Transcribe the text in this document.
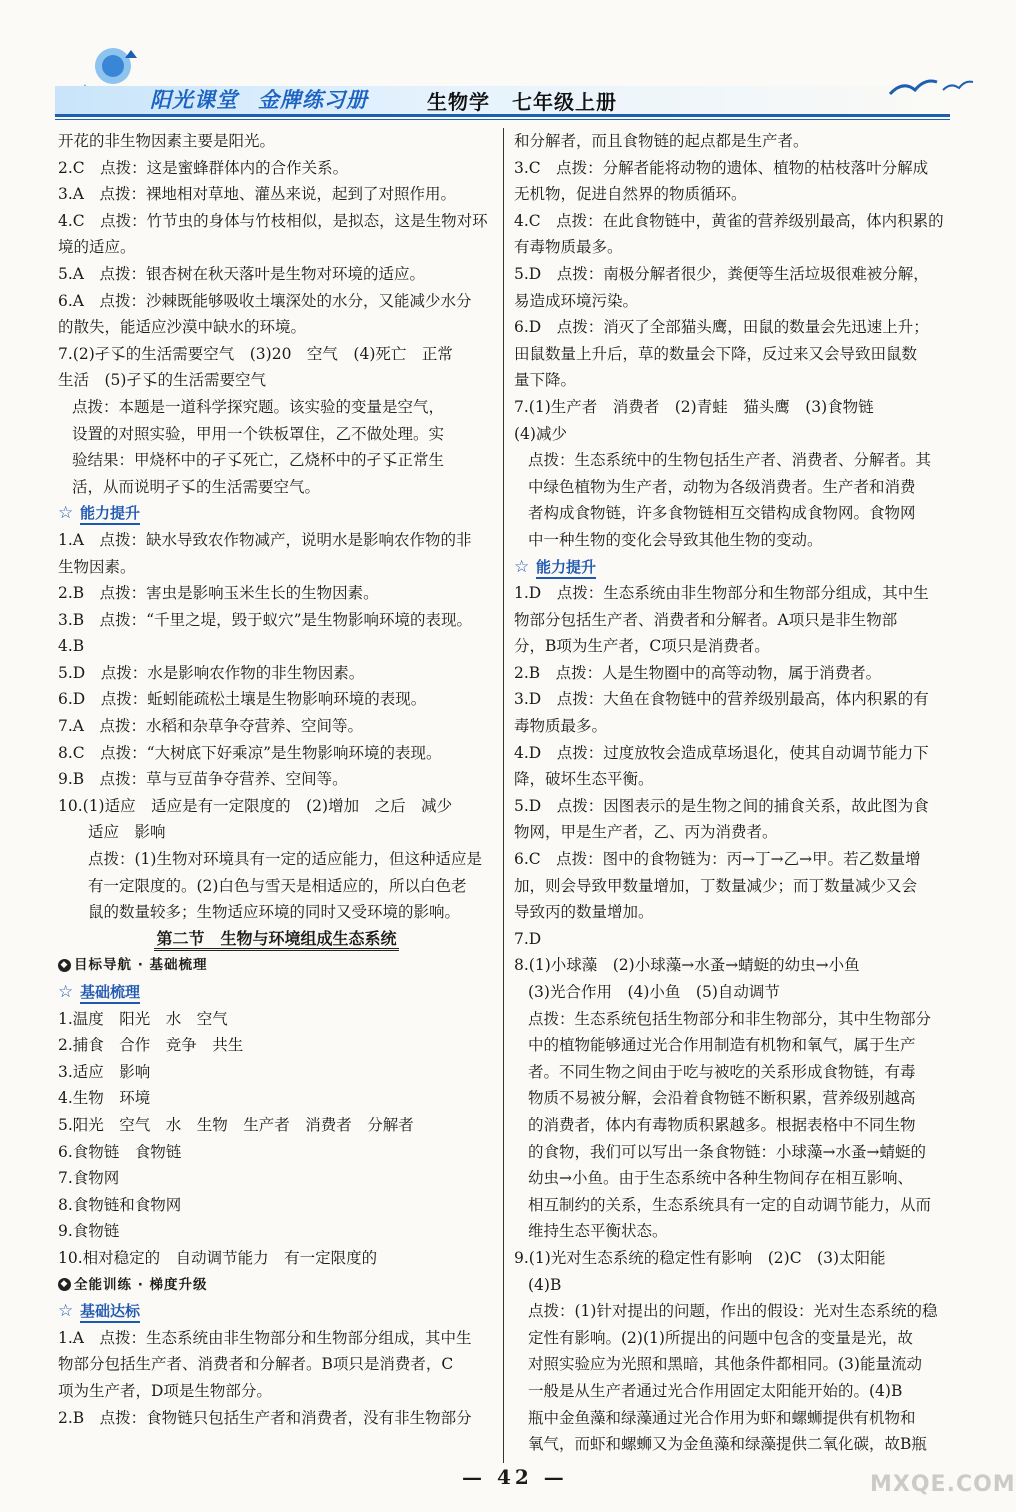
阳光课堂 金牌练习册	生物学 七年级上册
开花的非生物因素主要是阳光。
2.C　点拨：这是蜜蜂群体内的合作关系。
3.A　点拨：裸地相对草地、灌丛来说，起到了对照作用。
4.C　点拨：竹节虫的身体与竹枝相似，是拟态，这是生物对环
境的适应。
5.A　点拨：银杏树在秋天落叶是生物对环境的适应。
6.A　点拨：沙棘既能够吸收土壤深处的水分，又能减少水分
的散失，能适应沙漠中缺水的环境。
7.(2)孑孓的生活需要空气　(3)20　空气　(4)死亡　正常
生活　(5)孑孓的生活需要空气
点拨：本题是一道科学探究题。该实验的变量是空气，
设置的对照实验，甲用一个铁板罩住，乙不做处理。实
验结果：甲烧杯中的孑孓死亡，乙烧杯中的孑孓正常生
活，从而说明孑孓的生活需要空气。
☆ 能力提升
1.A　点拨：缺水导致农作物减产，说明水是影响农作物的非
生物因素。
2.B　点拨：害虫是影响玉米生长的生物因素。
3.B　点拨：“千里之堤，毁于蚁穴”是生物影响环境的表现。
4.B
5.D　点拨：水是影响农作物的非生物因素。
6.D　点拨：蚯蚓能疏松土壤是生物影响环境的表现。
7.A　点拨：水稻和杂草争夺营养、空间等。
8.C　点拨：“大树底下好乘凉”是生物影响环境的表现。
9.B　点拨：草与豆苗争夺营养、空间等。
10.(1)适应　适应是有一定限度的　(2)增加　之后　减少
适应　影响
点拨：(1)生物对环境具有一定的适应能力，但这种适应是
有一定限度的。(2)白色与雪天是相适应的，所以白色老
鼠的数量较多；生物适应环境的同时又受环境的影响。
第二节　生物与环境组成生态系统
◆ 目标导航 · 基础梳理
☆ 基础梳理
1.温度　阳光　水　空气
2.捕食　合作　竞争　共生
3.适应　影响
4.生物　环境
5.阳光　空气　水　生物　生产者　消费者　分解者
6.食物链　食物链
7.食物网
8.食物链和食物网
9.食物链
10.相对稳定的　自动调节能力　有一定限度的
◆ 全能训练 · 梯度升级
☆ 基础达标
1.A　点拨：生态系统由非生物部分和生物部分组成，其中生
物部分包括生产者、消费者和分解者。B项只是消费者，C
项为生产者，D项是生物部分。
2.B　点拨：食物链只包括生产者和消费者，没有非生物部分
和分解者，而且食物链的起点都是生产者。
3.C　点拨：分解者能将动物的遗体、植物的枯枝落叶分解成
无机物，促进自然界的物质循环。
4.C　点拨：在此食物链中，黄雀的营养级别最高，体内积累的
有毒物质最多。
5.D　点拨：南极分解者很少，粪便等生活垃圾很难被分解，
易造成环境污染。
6.D　点拨：消灭了全部猫头鹰，田鼠的数量会先迅速上升；
田鼠数量上升后，草的数量会下降，反过来又会导致田鼠数
量下降。
7.(1)生产者　消费者　(2)青蛙　猫头鹰　(3)食物链
(4)减少
点拨：生态系统中的生物包括生产者、消费者、分解者。其
中绿色植物为生产者，动物为各级消费者。生产者和消费
者构成食物链，许多食物链相互交错构成食物网。食物网
中一种生物的变化会导致其他生物的变动。
☆ 能力提升
1.D　点拨：生态系统由非生物部分和生物部分组成，其中生
物部分包括生产者、消费者和分解者。A项只是非生物部
分，B项为生产者，C项只是消费者。
2.B　点拨：人是生物圈中的高等动物，属于消费者。
3.D　点拨：大鱼在食物链中的营养级别最高，体内积累的有
毒物质最多。
4.D　点拨：过度放牧会造成草场退化，使其自动调节能力下
降，破坏生态平衡。
5.D　点拨：因图表示的是生物之间的捕食关系，故此图为食
物网，甲是生产者，乙、丙为消费者。
6.C　点拨：图中的食物链为：丙→丁→乙→甲。若乙数量增
加，则会导致甲数量增加，丁数量减少；而丁数量减少又会
导致丙的数量增加。
7.D
8.(1)小球藻　(2)小球藻→水蚤→蜻蜓的幼虫→小鱼
(3)光合作用　(4)小鱼　(5)自动调节
点拨：生态系统包括生物部分和非生物部分，其中生物部分
中的植物能够通过光合作用制造有机物和氧气，属于生产
者。不同生物之间由于吃与被吃的关系形成食物链，有毒
物质不易被分解，会沿着食物链不断积累，营养级别越高
的消费者，体内有毒物质积累越多。根据表格中不同生物
的食物，我们可以写出一条食物链：小球藻→水蚤→蜻蜓的
幼虫→小鱼。由于生态系统中各种生物间存在相互影响、
相互制约的关系，生态系统具有一定的自动调节能力，从而
维持生态平衡状态。
9.(1)光对生态系统的稳定性有影响　(2)C　(3)太阳能
(4)B
点拨：(1)针对提出的问题，作出的假设：光对生态系统的稳
定性有影响。(2)(1)所提出的问题中包含的变量是光，故
对照实验应为光照和黑暗，其他条件都相同。(3)能量流动
一般是从生产者通过光合作用固定太阳能开始的。(4)B
瓶中金鱼藻和绿藻通过光合作用为虾和螺蛳提供有机物和
氧气，而虾和螺蛳又为金鱼藻和绿藻提供二氧化碳，故B瓶
— 42 —	MXQE.COM
